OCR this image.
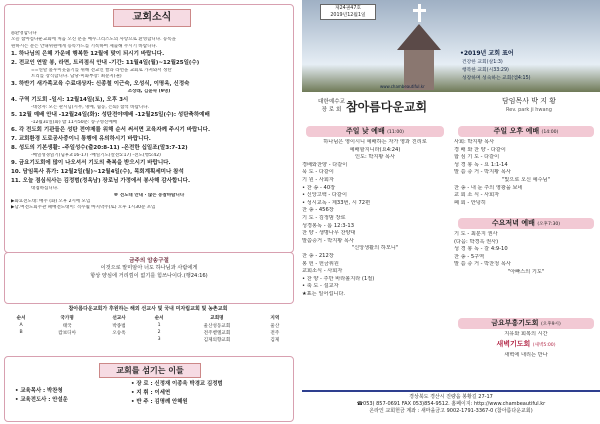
교회소식
◎환영합니다
오늘 참아름다운교회에 처음 오신 분을 예수그리스도의 사랑으로 환영합니다. 등록을
원하시는 분은 안내위원에게 등록카드를 기록하여 제출해 주시기 바랍니다.
1. 하나님의 은혜 가운데 행복한 12월에 맞이 되시기 바랍니다.
2. 전교인 연말 봉, 라면, 트리점식 안내 -기간: 11월4일(월)~12월25일(수)
==연말 불우이웃돕기를 위해 전교인 쌀과 라면을 교회로 가져와서 성탄
트리를 장식합니다. 담당-미화부장: 최분지(권)
3. 하반기 새가족교육 수료대상자: 신종철 이근숙, 오성식, 이명옥, 신정숙
조상래, 김윤숙 (9명)
4. 구역 기도회 -일시: 12월14일(토), 오후 3시
-대상자: 모든 관시님(시무, 명예, 협동, 은퇴) 참석 바랍니다.
5. 12월 예배 안내 -12월24일(화): 성탄전야예배 -12월25일(수): 성탄축하예배
-12월31일(화) 밤 11시50분: 송구영신예배
6. 각 전도회 기관들은 성탄 전야제를 위해 순서 써서면 교육자께 주시기 바랍니다.
7. 교회환경 도로공사중이니 통행에 유의하시기 바랍니다.
8. 성도의 기본생활: -주일성수(출20:8-11) -온전한 십일조(말3:7-12)
-매일성경읽기(딤후3:16-17) -매일기도(살전5:17) -전도(행5:42)
9. 금요기도회에 많이 나오셔서 기도의 축복을 받으시기 바랍니다.
10. 담임목사 휴가: 12월2일(월)~12월4일(수), 목회계획세미나 참석
11. 오늘 점심식사는 김정범(정옥남) 장로님 가정에서 봉사해 감사합니다.
대접하십니다.
※ 전도대 안내 · 많은 동참바랍니다
▶화요전도대: 매주 (화) 오후 2시에 모임
▶남.여전도회주관 패배전도대이: 격수월 마지막주(토) 오후 1시30분 포임
금주의 암송구절
이것으로 말미암아 너도 하나님과 사람에게
항상 양심에 거리낌이 없기를 힘쓰나이다.(행24:16)
참아름다운교회가 후원하는 해외 선교사 및 국내 미자립교회 및 농촌교회					
순서	국가명	선교사	순서	교회명	지역
A	태국	박종범	1	울산성동교회	울산
B	캄보디아	오승옥	2	전주벧엘교회	전주
			3	김제의향교회	김제
교회를 섬기는 이들
• 교육목사 : 박찬청
• 교육전도사 : 안설운
• 장 로 : 신정재 이종욱 박경교 김정범
• 지 휘 : 이세연
• 반 주 : 김명례 안혜원
제24권47호
2019년12월1일
•2019년 교회 표어
건강한 교회(살1:3)
행복한 교회(시33:29)
성장하며 성숙하는 교회(엡4:15)
www.chambeautiful.kr
대한예수교
장 로 회 참아름다운교회	담임목사 박 지 황
Rev. park ji hwang
주일 낮 예배 (11:00)
하나님은 영이시니 예배하는 자가 영과 진리로
예배할지니라(요4:24)
인도: 박지황 목사
경배와찬양 - 다같이
묵 도 - 다같이
기 원 - 사회자
• 찬 송 - 40장
• 신앙고백 - 다같이
• 성시교독 - 제33번, 시 72편
찬 송 - 456장
기 도 - 김정범 장로
성경봉독 - 롬 12:3-13
찬 양 - 생명나무 찬양대
말씀증거 - 박지황 목사
"신앙생활의 하모니"
찬 송 - 212장
봉 헌 - 헌금위원
교회소식 - 사회자
• 찬 양 - 주만 바라볼지라 (1절)
• 축 도 - 설교자
★표는 일어섭니다.
주일 오후 예배 (14:00)
사회: 박지황 목사
경 배 와 찬 양 - 다같이
합 심 기 도 - 다같이
성 경 봉 독 - 요 1:1-14
말 씀 증 거 - 박지황 목사
"빛으로 오신 예수님"
찬 송 - 내 눈 주의 영광을 보네
교 회 소 식 - 사회자
폐 회 - 안녕히
수요저녁 예배 (오후7:30)
기 도 - 최분지 권사
(다음: 박경옥 권사)
성 경 봉 독 - 갈 4:9-10
찬 송 - 5구역
말 씀 증 거 - 박찬청 목사
"아빠스의 기도"
금요부흥기도회 (오후9시)
지유와 회복의 시간
새벽기도회 (새벽5:00)
새벽에 내리는 만나
경상북도 경산시 진량읍 봉황길 27-17
☎053) 857-0691 FAX 053)854-9512. 홈페이지: http://www.chambeautiful.kr
온라인 교회헌금 계좌 : 새마을금고 9002-1791-3367-0 (참아름다운교회)
